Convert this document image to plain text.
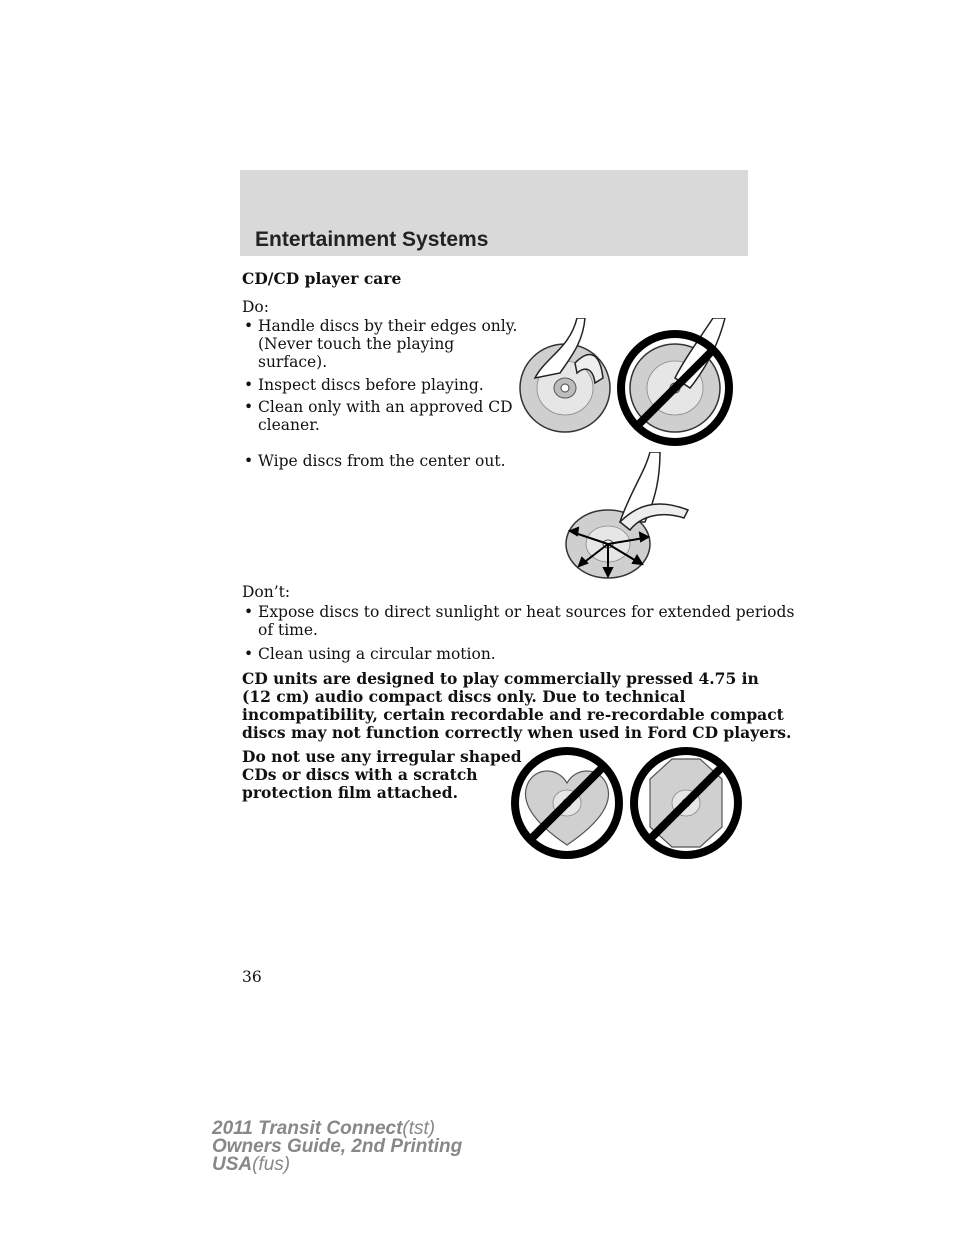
Entertainment Systems
CD/CD player care
Do:
• Handle discs by their edges only.
(Never touch the playing
surface).
• Inspect discs before playing.
• Clean only with an approved CD
cleaner.
• Wipe discs from the center out.
Don’t:
• Expose discs to direct sunlight or heat sources for extended periods
of time.
• Clean using a circular motion.
CD units are designed to play commercially pressed 4.75 in
(12 cm) audio compact discs only. Due to technical
incompatibility, certain recordable and re-recordable compact
discs may not function correctly when used in Ford CD players.
Do not use any irregular shaped
CDs or discs with a scratch
protection film attached.
36
2011 Transit Connect(tst)
Owners Guide, 2nd Printing
USA(fus)
